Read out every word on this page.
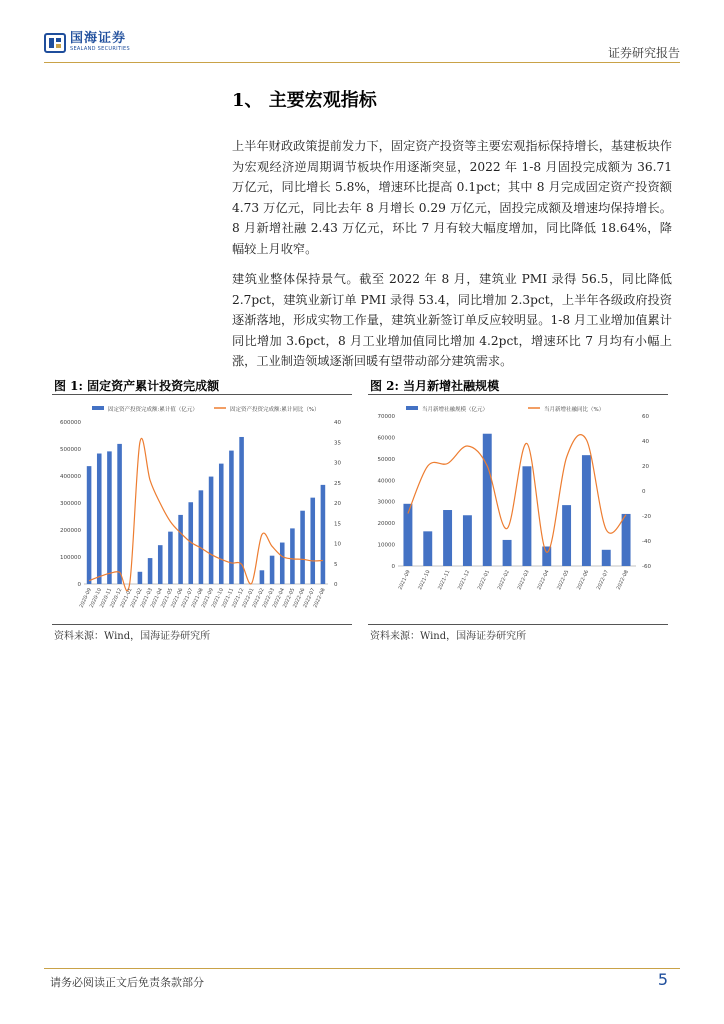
国海证券
SEALAND SECURITIES	证券研究报告
1、 主要宏观指标
上半年财政政策提前发力下，固定资产投资等主要宏观指标保持增长，基建板块作为宏观经济逆周期调节板块作用逐渐突显，2022 年 1-8 月固投完成额为 36.71 万亿元，同比增长 5.8%，增速环比提高 0.1pct；其中 8 月完成固定资产投资额 4.73 万亿元，同比去年 8 月增长 0.29 万亿元，固投完成额及增速均保持增长。8 月新增社融 2.43 万亿元，环比 7 月有较大幅度增加，同比降低 18.64%，降幅较上月收窄。
建筑业整体保持景气。截至 2022 年 8 月，建筑业 PMI 录得 56.5，同比降低 2.7pct，建筑业新订单 PMI 录得 53.4，同比增加 2.3pct，上半年各级政府投资逐渐落地，形成实物工作量，建筑业新签订单反应较明显。1-8 月工业增加值累计同比增加 3.6pct，8 月工业增加值同比增加 4.2pct，增速环比 7 月均有小幅上涨，工业制造领域逐渐回暖有望带动部分建筑需求。
图 1: 固定资产累计投资完成额	图 2: 当月新增社融规模
固定资产投资完成额:累计值（亿元）	固定资产投资完成额:累计同比（%）
0
100000
200000
300000
400000
500000
600000
0
5
10
15
20
25
30
35
40
2020-09
2020-10
2020-11
2020-12
2021-01
2021-02
2021-03
2021-04
2021-05
2021-06
2021-07
2021-08
2021-09
2021-10
2021-11
2021-12
2022-01
2022-02
2022-03
2022-04
2022-05
2022-06
2022-07
2022-08
当月新增社融规模（亿元）	当月新增社融同比（%）
0
10000
20000
30000
40000
50000
60000
70000
-60
-40
-20
0
20
40
60
2021-09 2021-10 2021-11 2021-12 2022-01 2022-02 2022-03 2022-04 2022-05 2022-06 2022-07 2022-08
资料来源：Wind，国海证券研究所	资料来源：Wind，国海证券研究所
请务必阅读正文后免责条款部分	5
